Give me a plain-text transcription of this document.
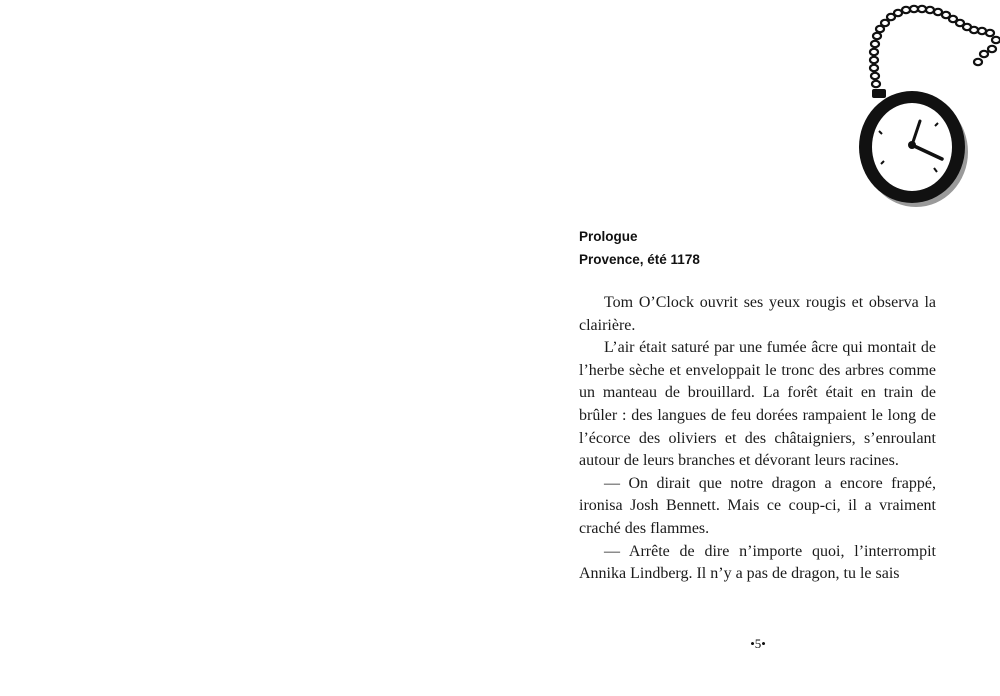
Prologue
Provence, été 1178

Tom O’Clock ouvrit ses yeux rougis et observa la clairière.

L’air était saturé par une fumée âcre qui montait de l’herbe sèche et enveloppait le tronc des arbres comme un manteau de brouillard. La forêt était en train de brûler : des langues de feu dorées rampaient le long de l’écorce des oliviers et des châtaigniers, s’enroulant autour de leurs branches et dévorant leurs racines.

— On dirait que notre dragon a encore frappé, ironisa Josh Bennett. Mais ce coup-ci, il a vraiment craché des flammes.

— Arrête de dire n’importe quoi, l’interrompit Annika Lindberg. Il n’y a pas de dragon, tu le sais

•5•
